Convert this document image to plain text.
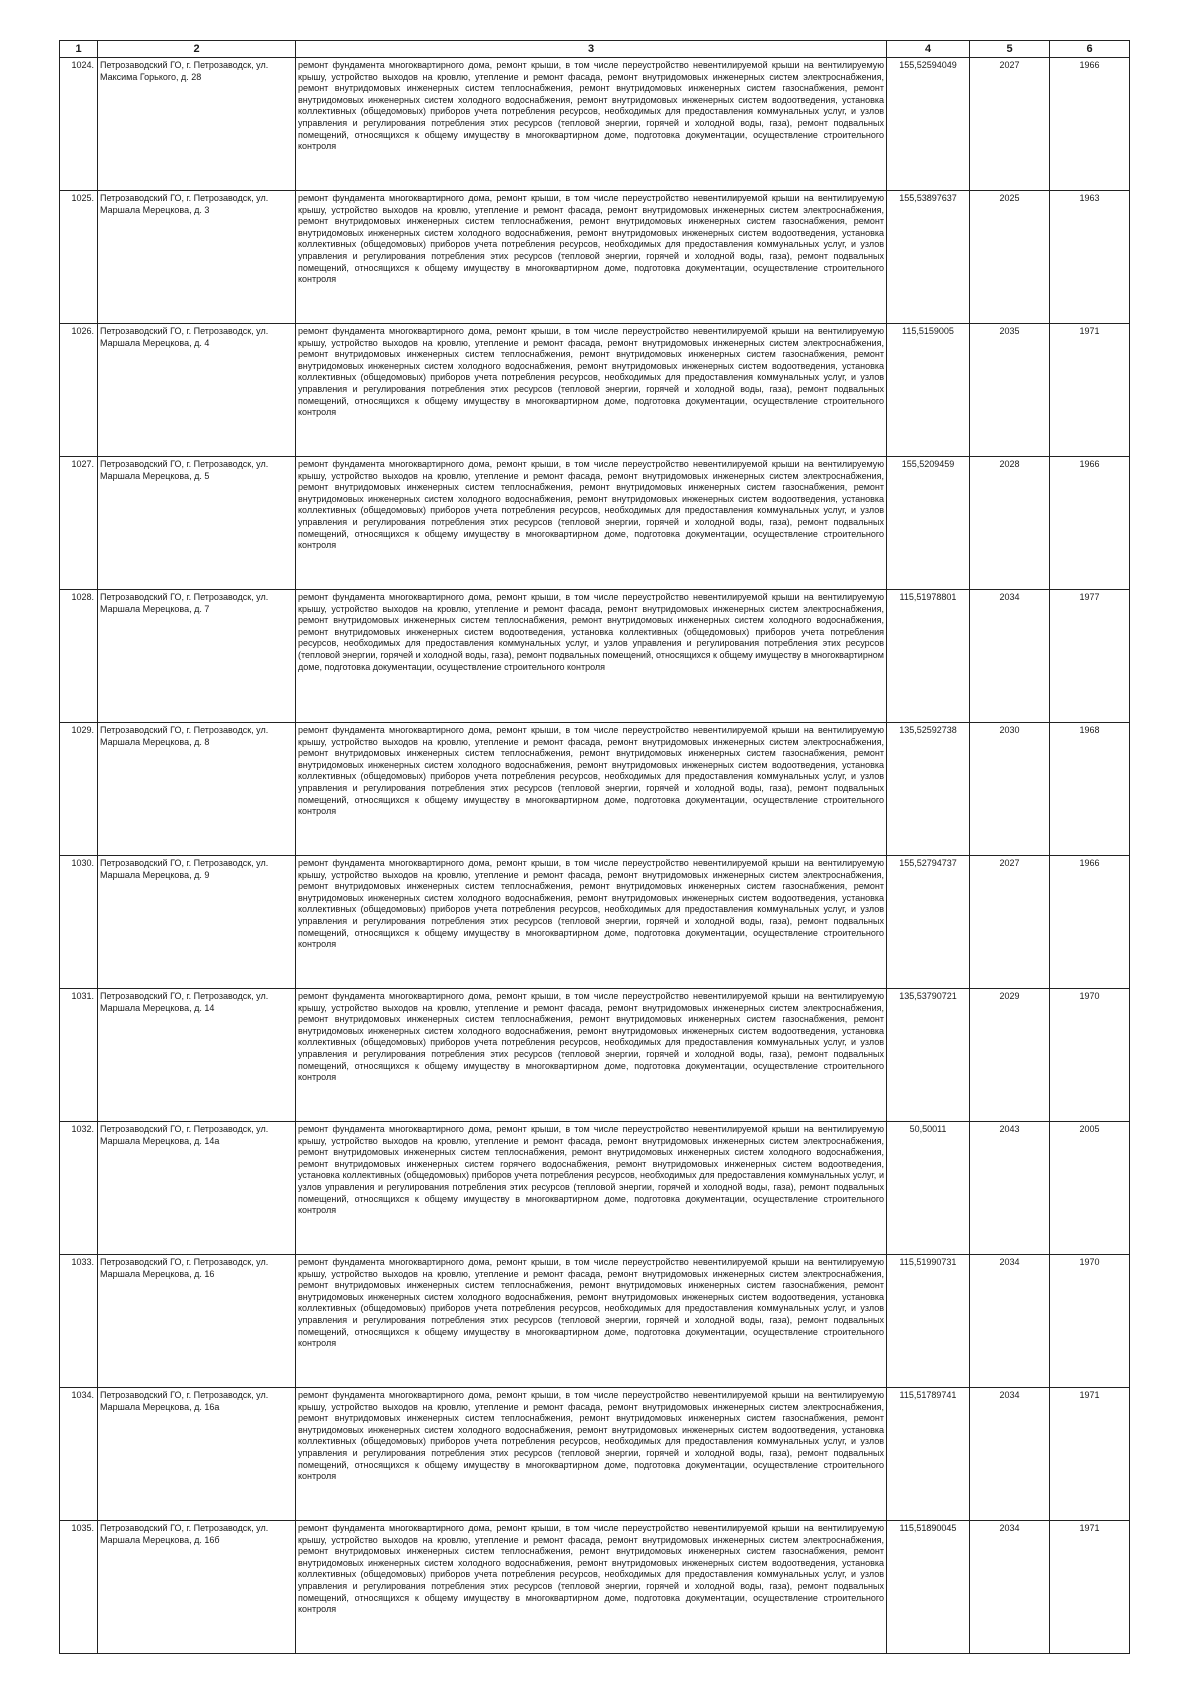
1	2	3	4	5	6
1024.	Петрозаводский ГО, г. Петрозаводск, ул. Максима Горького, д. 28	ремонт фундамента многоквартирного дома, ремонт крыши, в том числе переустройство невентилируемой крыши на вентилируемую крышу, устройство выходов на кровлю, утепление и ремонт фасада, ремонт внутридомовых инженерных систем электроснабжения, ремонт внутридомовых инженерных систем теплоснабжения, ремонт внутридомовых инженерных систем газоснабжения, ремонт внутридомовых инженерных систем холодного водоснабжения, ремонт внутридомовых инженерных систем водоотведения, установка коллективных (общедомовых) приборов учета потребления ресурсов, необходимых для предоставления коммунальных услуг, и узлов управления и регулирования потребления этих ресурсов (тепловой энергии, горячей и холодной воды, газа), ремонт подвальных помещений, относящихся к общему имуществу в многоквартирном доме, подготовка документации, осуществление строительного контроля	155,52594049	2027	1966
1025.	Петрозаводский ГО, г. Петрозаводск, ул. Маршала Мерецкова, д. 3	ремонт фундамента многоквартирного дома, ремонт крыши, в том числе переустройство невентилируемой крыши на вентилируемую крышу, устройство выходов на кровлю, утепление и ремонт фасада, ремонт внутридомовых инженерных систем электроснабжения, ремонт внутридомовых инженерных систем теплоснабжения, ремонт внутридомовых инженерных систем газоснабжения, ремонт внутридомовых инженерных систем холодного водоснабжения, ремонт внутридомовых инженерных систем водоотведения, установка коллективных (общедомовых) приборов учета потребления ресурсов, необходимых для предоставления коммунальных услуг, и узлов управления и регулирования потребления этих ресурсов (тепловой энергии, горячей и холодной воды, газа), ремонт подвальных помещений, относящихся к общему имуществу в многоквартирном доме, подготовка документации, осуществление строительного контроля	155,53897637	2025	1963
1026.	Петрозаводский ГО, г. Петрозаводск, ул. Маршала Мерецкова, д. 4	ремонт фундамента многоквартирного дома, ремонт крыши, в том числе переустройство невентилируемой крыши на вентилируемую крышу, устройство выходов на кровлю, утепление и ремонт фасада, ремонт внутридомовых инженерных систем электроснабжения, ремонт внутридомовых инженерных систем теплоснабжения, ремонт внутридомовых инженерных систем газоснабжения, ремонт внутридомовых инженерных систем холодного водоснабжения, ремонт внутридомовых инженерных систем водоотведения, установка коллективных (общедомовых) приборов учета потребления ресурсов, необходимых для предоставления коммунальных услуг, и узлов управления и регулирования потребления этих ресурсов (тепловой энергии, горячей и холодной воды, газа), ремонт подвальных помещений, относящихся к общему имуществу в многоквартирном доме, подготовка документации, осуществление строительного контроля	115,5159005	2035	1971
1027.	Петрозаводский ГО, г. Петрозаводск, ул. Маршала Мерецкова, д. 5	ремонт фундамента многоквартирного дома, ремонт крыши, в том числе переустройство невентилируемой крыши на вентилируемую крышу, устройство выходов на кровлю, утепление и ремонт фасада, ремонт внутридомовых инженерных систем электроснабжения, ремонт внутридомовых инженерных систем теплоснабжения, ремонт внутридомовых инженерных систем газоснабжения, ремонт внутридомовых инженерных систем холодного водоснабжения, ремонт внутридомовых инженерных систем водоотведения, установка коллективных (общедомовых) приборов учета потребления ресурсов, необходимых для предоставления коммунальных услуг, и узлов управления и регулирования потребления этих ресурсов (тепловой энергии, горячей и холодной воды, газа), ремонт подвальных помещений, относящихся к общему имуществу в многоквартирном доме, подготовка документации, осуществление строительного контроля	155,5209459	2028	1966
1028.	Петрозаводский ГО, г. Петрозаводск, ул. Маршала Мерецкова, д. 7	ремонт фундамента многоквартирного дома, ремонт крыши, в том числе переустройство невентилируемой крыши на вентилируемую крышу, устройство выходов на кровлю, утепление и ремонт фасада, ремонт внутридомовых инженерных систем электроснабжения, ремонт внутридомовых инженерных систем теплоснабжения, ремонт внутридомовых инженерных систем холодного водоснабжения, ремонт внутридомовых инженерных систем водоотведения, установка коллективных (общедомовых) приборов учета потребления ресурсов, необходимых для предоставления коммунальных услуг, и узлов управления и регулирования потребления этих ресурсов (тепловой энергии, горячей и холодной воды, газа), ремонт подвальных помещений, относящихся к общему имуществу в многоквартирном доме, подготовка документации, осуществление строительного контроля	115,51978801	2034	1977
1029.	Петрозаводский ГО, г. Петрозаводск, ул. Маршала Мерецкова, д. 8	ремонт фундамента многоквартирного дома, ремонт крыши, в том числе переустройство невентилируемой крыши на вентилируемую крышу, устройство выходов на кровлю, утепление и ремонт фасада, ремонт внутридомовых инженерных систем электроснабжения, ремонт внутридомовых инженерных систем теплоснабжения, ремонт внутридомовых инженерных систем газоснабжения, ремонт внутридомовых инженерных систем холодного водоснабжения, ремонт внутридомовых инженерных систем водоотведения, установка коллективных (общедомовых) приборов учета потребления ресурсов, необходимых для предоставления коммунальных услуг, и узлов управления и регулирования потребления этих ресурсов (тепловой энергии, горячей и холодной воды, газа), ремонт подвальных помещений, относящихся к общему имуществу в многоквартирном доме, подготовка документации, осуществление строительного контроля	135,52592738	2030	1968
1030.	Петрозаводский ГО, г. Петрозаводск, ул. Маршала Мерецкова, д. 9	ремонт фундамента многоквартирного дома, ремонт крыши, в том числе переустройство невентилируемой крыши на вентилируемую крышу, устройство выходов на кровлю, утепление и ремонт фасада, ремонт внутридомовых инженерных систем электроснабжения, ремонт внутридомовых инженерных систем теплоснабжения, ремонт внутридомовых инженерных систем газоснабжения, ремонт внутридомовых инженерных систем холодного водоснабжения, ремонт внутридомовых инженерных систем водоотведения, установка коллективных (общедомовых) приборов учета потребления ресурсов, необходимых для предоставления коммунальных услуг, и узлов управления и регулирования потребления этих ресурсов (тепловой энергии, горячей и холодной воды, газа), ремонт подвальных помещений, относящихся к общему имуществу в многоквартирном доме, подготовка документации, осуществление строительного контроля	155,52794737	2027	1966
1031.	Петрозаводский ГО, г. Петрозаводск, ул. Маршала Мерецкова, д. 14	ремонт фундамента многоквартирного дома, ремонт крыши, в том числе переустройство невентилируемой крыши на вентилируемую крышу, устройство выходов на кровлю, утепление и ремонт фасада, ремонт внутридомовых инженерных систем электроснабжения, ремонт внутридомовых инженерных систем теплоснабжения, ремонт внутридомовых инженерных систем газоснабжения, ремонт внутридомовых инженерных систем холодного водоснабжения, ремонт внутридомовых инженерных систем водоотведения, установка коллективных (общедомовых) приборов учета потребления ресурсов, необходимых для предоставления коммунальных услуг, и узлов управления и регулирования потребления этих ресурсов (тепловой энергии, горячей и холодной воды, газа), ремонт подвальных помещений, относящихся к общему имуществу в многоквартирном доме, подготовка документации, осуществление строительного контроля	135,53790721	2029	1970
1032.	Петрозаводский ГО, г. Петрозаводск, ул. Маршала Мерецкова, д. 14а	ремонт фундамента многоквартирного дома, ремонт крыши, в том числе переустройство невентилируемой крыши на вентилируемую крышу, устройство выходов на кровлю, утепление и ремонт фасада, ремонт внутридомовых инженерных систем электроснабжения, ремонт внутридомовых инженерных систем теплоснабжения, ремонт внутридомовых инженерных систем холодного водоснабжения, ремонт внутридомовых инженерных систем горячего водоснабжения, ремонт внутридомовых инженерных систем водоотведения, установка коллективных (общедомовых) приборов учета потребления ресурсов, необходимых для предоставления коммунальных услуг, и узлов управления и регулирования потребления этих ресурсов (тепловой энергии, горячей и холодной воды, газа), ремонт подвальных помещений, относящихся к общему имуществу в многоквартирном доме, подготовка документации, осуществление строительного контроля	50,50011	2043	2005
1033.	Петрозаводский ГО, г. Петрозаводск, ул. Маршала Мерецкова, д. 16	ремонт фундамента многоквартирного дома, ремонт крыши, в том числе переустройство невентилируемой крыши на вентилируемую крышу, устройство выходов на кровлю, утепление и ремонт фасада, ремонт внутридомовых инженерных систем электроснабжения, ремонт внутридомовых инженерных систем теплоснабжения, ремонт внутридомовых инженерных систем газоснабжения, ремонт внутридомовых инженерных систем холодного водоснабжения, ремонт внутридомовых инженерных систем водоотведения, установка коллективных (общедомовых) приборов учета потребления ресурсов, необходимых для предоставления коммунальных услуг, и узлов управления и регулирования потребления этих ресурсов (тепловой энергии, горячей и холодной воды, газа), ремонт подвальных помещений, относящихся к общему имуществу в многоквартирном доме, подготовка документации, осуществление строительного контроля	115,51990731	2034	1970
1034.	Петрозаводский ГО, г. Петрозаводск, ул. Маршала Мерецкова, д. 16а	ремонт фундамента многоквартирного дома, ремонт крыши, в том числе переустройство невентилируемой крыши на вентилируемую крышу, устройство выходов на кровлю, утепление и ремонт фасада, ремонт внутридомовых инженерных систем электроснабжения, ремонт внутридомовых инженерных систем теплоснабжения, ремонт внутридомовых инженерных систем газоснабжения, ремонт внутридомовых инженерных систем холодного водоснабжения, ремонт внутридомовых инженерных систем водоотведения, установка коллективных (общедомовых) приборов учета потребления ресурсов, необходимых для предоставления коммунальных услуг, и узлов управления и регулирования потребления этих ресурсов (тепловой энергии, горячей и холодной воды, газа), ремонт подвальных помещений, относящихся к общему имуществу в многоквартирном доме, подготовка документации, осуществление строительного контроля	115,51789741	2034	1971
1035.	Петрозаводский ГО, г. Петрозаводск, ул. Маршала Мерецкова, д. 16б	ремонт фундамента многоквартирного дома, ремонт крыши, в том числе переустройство невентилируемой крыши на вентилируемую крышу, устройство выходов на кровлю, утепление и ремонт фасада, ремонт внутридомовых инженерных систем электроснабжения, ремонт внутридомовых инженерных систем теплоснабжения, ремонт внутридомовых инженерных систем газоснабжения, ремонт внутридомовых инженерных систем холодного водоснабжения, ремонт внутридомовых инженерных систем водоотведения, установка коллективных (общедомовых) приборов учета потребления ресурсов, необходимых для предоставления коммунальных услуг, и узлов управления и регулирования потребления этих ресурсов (тепловой энергии, горячей и холодной воды, газа), ремонт подвальных помещений, относящихся к общему имуществу в многоквартирном доме, подготовка документации, осуществление строительного контроля	115,51890045	2034	1971
